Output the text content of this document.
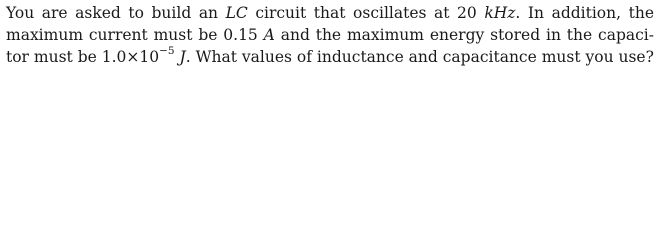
You are asked to build an LC circuit that oscillates at 20 kHz. In addition, the
maximum current must be 0.15 A and the maximum energy stored in the capaci-
tor must be $1.0\times 10^{-5}$ J. What values of inductance and capacitance must you use?
